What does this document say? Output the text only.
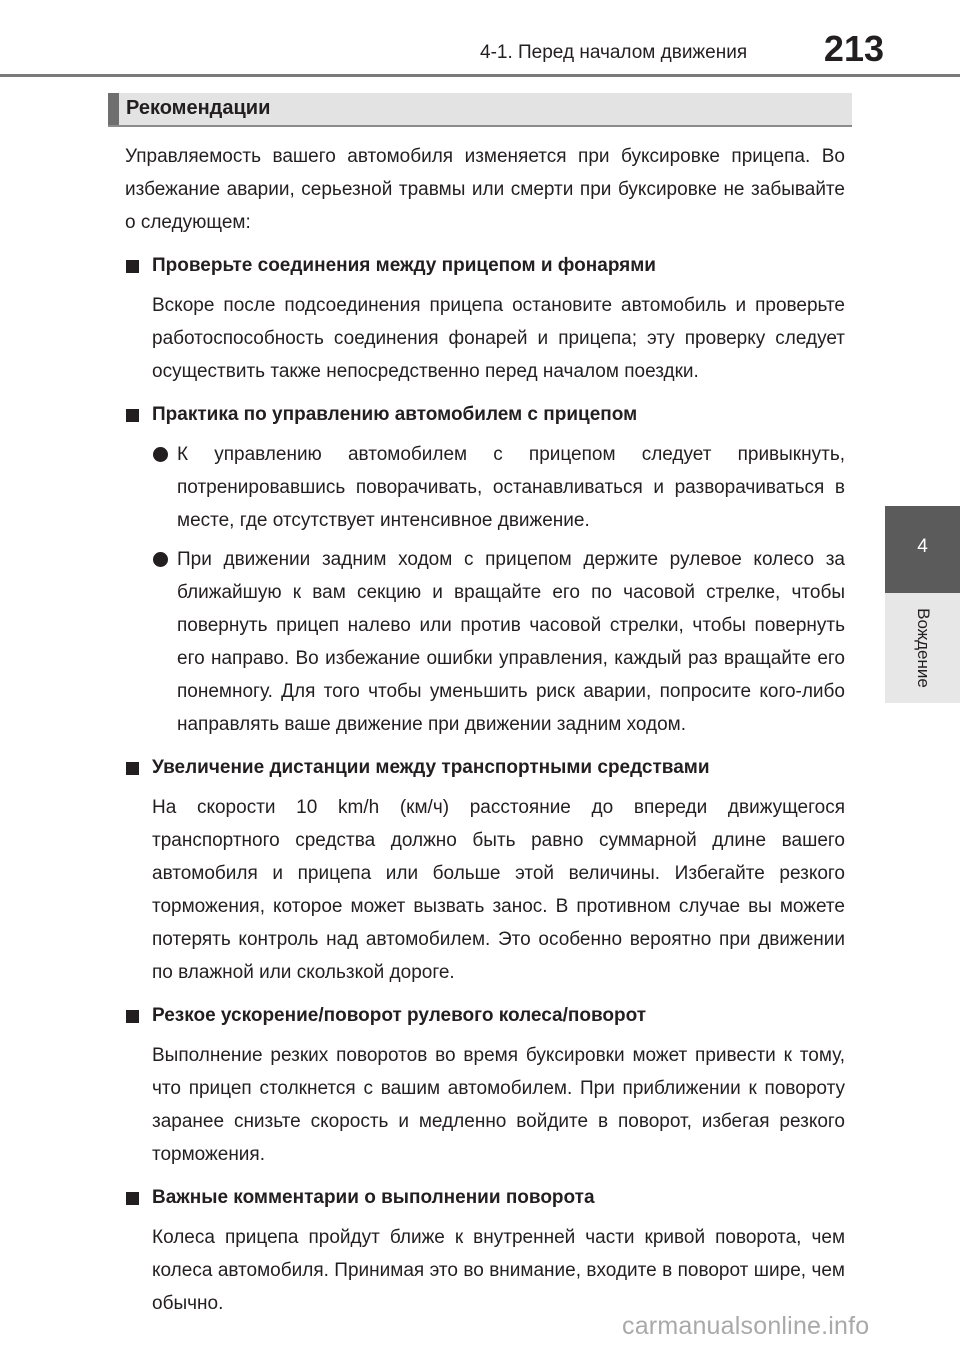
4-1. Перед началом движения 213
4
Вождение
Рекомендации

Управляемость вашего автомобиля изменяется при буксировке прицепа. Во избежание аварии, серьезной травмы или смерти при буксировке не забывайте о следующем:

Проверьте соединения между прицепом и фонарями
Вскоре после подсоединения прицепа остановите автомобиль и проверьте работоспособность соединения фонарей и прицепа; эту проверку следует осуществить также непосредственно перед началом поездки.
Практика по управлению автомобилем с прицепом
К управлению автомобилем с прицепом следует привыкнуть, потренировавшись поворачивать, останавливаться и разворачиваться в месте, где отсутствует интенсивное движение.
При движении задним ходом с прицепом держите рулевое колесо за ближайшую к вам секцию и вращайте его по часовой стрелке, чтобы повернуть прицеп налево или против часовой стрелки, чтобы повернуть его направо. Во избежание ошибки управления, каждый раз вращайте его понемногу. Для того чтобы уменьшить риск аварии, попросите кого-либо направлять ваше движение при движении задним ходом.
Увеличение дистанции между транспортными средствами
На скорости 10 km/h (км/ч) расстояние до впереди движущегося транспортного средства должно быть равно суммарной длине вашего автомобиля и прицепа или больше этой величины. Избегайте резкого торможения, которое может вызвать занос. В противном случае вы можете потерять контроль над автомобилем. Это особенно вероятно при движении по влажной или скользкой дороге.
Резкое ускорение/поворот рулевого колеса/поворот
Выполнение резких поворотов во время буксировки может привести к тому, что прицеп столкнется с вашим автомобилем. При приближении к повороту заранее снизьте скорость и медленно войдите в поворот, избегая резкого торможения.
Важные комментарии о выполнении поворота
Колеса прицепа пройдут ближе к внутренней части кривой поворота, чем колеса автомобиля. Принимая это во внимание, входите в поворот шире, чем обычно.
carmanualsonline.info
